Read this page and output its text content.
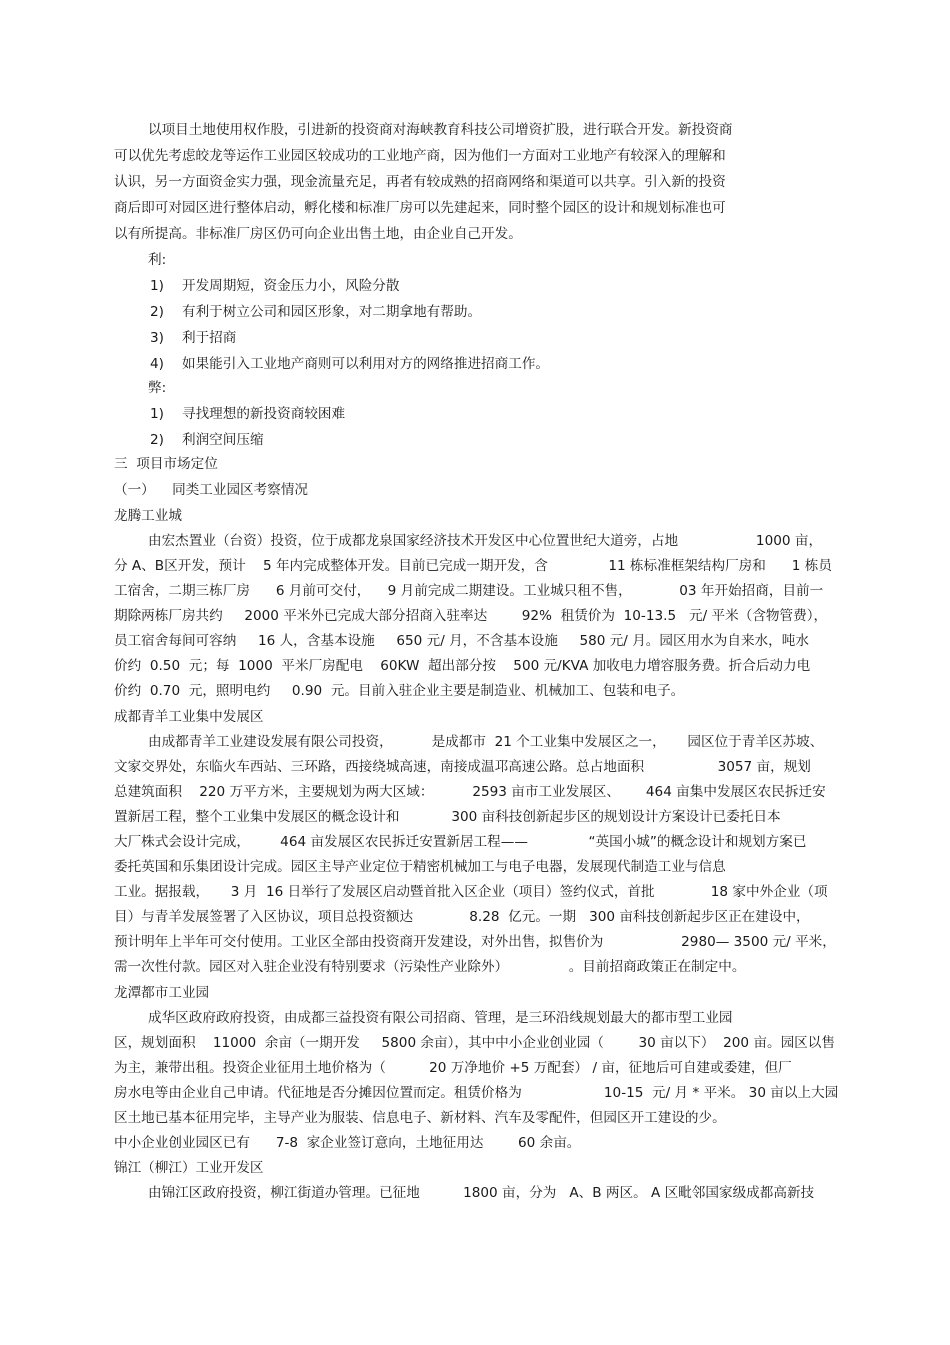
以项目土地使用权作股，引进新的投资商对海峡教育科技公司增资扩股，进行联合开发。新投资商

可以优先考虑皎龙等运作工业园区较成功的工业地产商，因为他们一方面对工业地产有较深入的理解和

认识，另一方面资金实力强，现金流量充足，再者有较成熟的招商网络和渠道可以共享。引入新的投资

商后即可对园区进行整体启动，孵化楼和标准厂房可以先建起来，同时整个园区的设计和规划标准也可

以有所提高。非标准厂房区仍可向企业出售土地，由企业自己开发。

利:

1) 开发周期短，资金压力小，风险分散

2) 有利于树立公司和园区形象，对二期拿地有帮助。

3) 利于招商

4) 如果能引入工业地产商则可以利用对方的网络推进招商工作。

弊:

1) 寻找理想的新投资商较困难

2) 利润空间压缩

三  项目市场定位

（一）    同类工业园区考察情况

龙腾工业城

由宏杰置业（台资）投资，位于成都龙泉国家经济技术开发区中心位置世纪大道旁，占地                  1000 亩，

分 A、B区开发，预计    5 年内完成整体开发。目前已完成一期开发，含              11 栋标准框架结构厂房和      1 栋员

工宿舍，二期三栋厂房      6 月前可交付，    9 月前完成二期建设。工业城只租不售，           03 年开始招商，目前一

期除两栋厂房共约     2000 平米外已完成大部分招商入驻率达        92%  租赁价为  10-13.5   元/ 平米（含物管费），

员工宿舍每间可容纳     16 人，含基本设施     650 元/ 月，不含基本设施     580 元/ 月。园区用水为自来水，吨水

价约  0.50  元；每  1000  平米厂房配电    60KW  超出部分按    500 元/KVA 加收电力增容服务费。折合后动力电

价约  0.70  元，照明电约     0.90  元。目前入驻企业主要是制造业、机械加工、包装和电子。

成都青羊工业集中发展区

由成都青羊工业建设发展有限公司投资，         是成都市  21 个工业集中发展区之一，     园区位于青羊区苏坡、

文家交界处，东临火车西站、三环路，西接绕城高速，南接成温邛高速公路。总占地面积                 3057 亩，规划

总建筑面积    220 万平方米，主要规划为两大区域：         2593 亩市工业发展区、      464 亩集中发展区农民拆迁安

置新居工程，整个工业集中发展区的概念设计和            300 亩科技创新起步区的规划设计方案设计已委托日本

大厂株式会设计完成，       464 亩发展区农民拆迁安置新居工程——              “英国小城”的概念设计和规划方案已

委托英国和乐集团设计完成。园区主导产业定位于精密机械加工与电子电器，发展现代制造工业与信息

工业。据报载，     3 月  16 日举行了发展区启动暨首批入区企业（项目）签约仪式，首批             18 家中外企业（项

目）与青羊发展签署了入区协议，项目总投资额达             8.28  亿元。一期   300 亩科技创新起步区正在建设中，

预计明年上半年可交付使用。工业区全部由投资商开发建设，对外出售，拟售价为                  2980— 3500 元/ 平米，

需一次性付款。园区对入驻企业没有特别要求（污染性产业除外）              。目前招商政策正在制定中。

龙潭都市工业园

成华区政府政府投资，由成都三益投资有限公司招商、管理，是三环沿线规划最大的都市型工业园

区，规划面积    11000  余亩（一期开发     5800 余亩），其中中小企业创业园（        30 亩以下）  200 亩。园区以售

为主，兼带出租。投资企业征用土地价格为（          20 万净地价 +5 万配套） / 亩，征地后可自建或委建，但厂

房水电等由企业自己申请。代征地是否分摊因位置而定。租赁价格为                   10-15  元/ 月 * 平米。 30 亩以上大园

区土地已基本征用完毕，主导产业为服装、信息电子、新材料、汽车及零配件，但园区开工建设的少。

中小企业创业园区已有      7-8  家企业签订意向，土地征用达        60 余亩。

锦江（柳江）工业开发区

由锦江区政府投资，柳江街道办管理。已征地          1800 亩，分为   A、B 两区。 A 区毗邻国家级成都高新技
